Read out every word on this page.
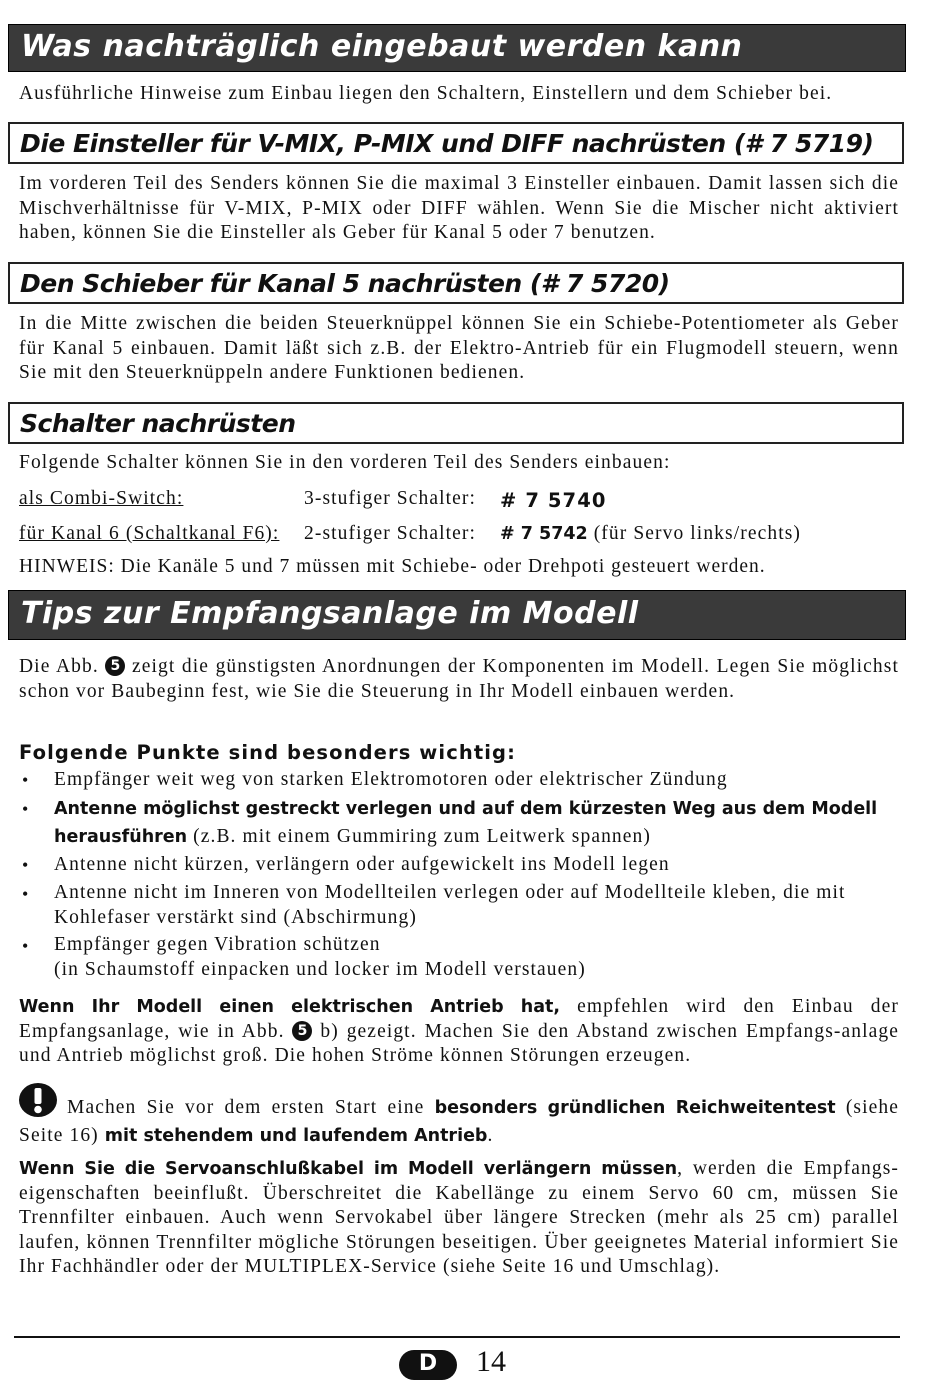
Was nachträglich eingebaut werden kann

Ausführliche Hinweise zum Einbau liegen den Schaltern, Einstellern und dem Schieber bei.

Die Einsteller für V-MIX, P-MIX und DIFF nachrüsten (# 7 5719)

Im vorderen Teil des Senders können Sie die maximal 3 Einsteller einbauen. Damit lassen sich die Mischverhältnisse für V-MIX, P-MIX oder DIFF wählen. Wenn Sie die Mischer nicht aktiviert haben, können Sie die Einsteller als Geber für Kanal 5 oder 7 benutzen.

Den Schieber für Kanal 5 nachrüsten (# 7 5720)

In die Mitte zwischen die beiden Steuerknüppel können Sie ein Schiebe-Potentiometer als Geber für Kanal 5 einbauen. Damit läßt sich z.B. der Elektro-Antrieb für ein Flugmodell steuern, wenn Sie mit den Steuerknüppeln andere Funktionen bedienen.

Schalter nachrüsten
Folgende Schalter können Sie in den vorderen Teil des Senders einbauen:
als Combi-Switch:	3-stufiger Schalter: # 7 5740
für Kanal 6 (Schaltkanal F6): 2-stufiger Schalter: # 7 5742 (für Servo links/rechts)
HINWEIS: Die Kanäle 5 und 7 müssen mit Schiebe- oder Drehpoti gesteuert werden.
Tips zur Empfangsanlage im Modell

Die Abb. 5 zeigt die günstigsten Anordnungen der Komponenten im Modell. Legen Sie möglichst schon vor Baubeginn fest, wie Sie die Steuerung in Ihr Modell einbauen werden.

Folgende Punkte sind besonders wichtig:
• Empfänger weit weg von starken Elektromotoren oder elektrischer Zündung

• Antenne möglichst gestreckt verlegen und auf dem kürzesten Weg aus dem Modell
herausführen (z.B. mit einem Gummiring zum Leitwerk spannen)

• Antenne nicht kürzen, verlängern oder aufgewickelt ins Modell legen

• Antenne nicht im Inneren von Modellteilen verlegen oder auf Modellteile kleben, die mit Kohlefaser verstärkt sind (Abschirmung)

• Empfänger gegen Vibration schützen
(in Schaumstoff einpacken und locker im Modell verstauen)

Wenn Ihr Modell einen elektrischen Antrieb hat, empfehlen wird den Einbau der Empfangsanlage, wie in Abb. 5 b) gezeigt. Machen Sie den Abstand zwischen Empfangs-anlage und Antrieb möglichst groß. Die hohen Ströme können Störungen erzeugen.

Machen Sie vor dem ersten Start eine besonders gründlichen Reichweitentest (siehe Seite 16) mit stehendem und laufendem Antrieb.

Wenn Sie die Servoanschlußkabel im Modell verlängern müssen, werden die Empfangs-eigenschaften beeinflußt. Überschreitet die Kabellänge zu einem Servo 60 cm, müssen Sie Trennfilter einbauen. Auch wenn Servokabel über längere Strecken (mehr als 25 cm) parallel laufen, können Trennfilter mögliche Störungen beseitigen. Über geeignetes Material informiert Sie Ihr Fachhändler oder der MULTIPLEX-Service (siehe Seite 16 und Umschlag).

D	14
